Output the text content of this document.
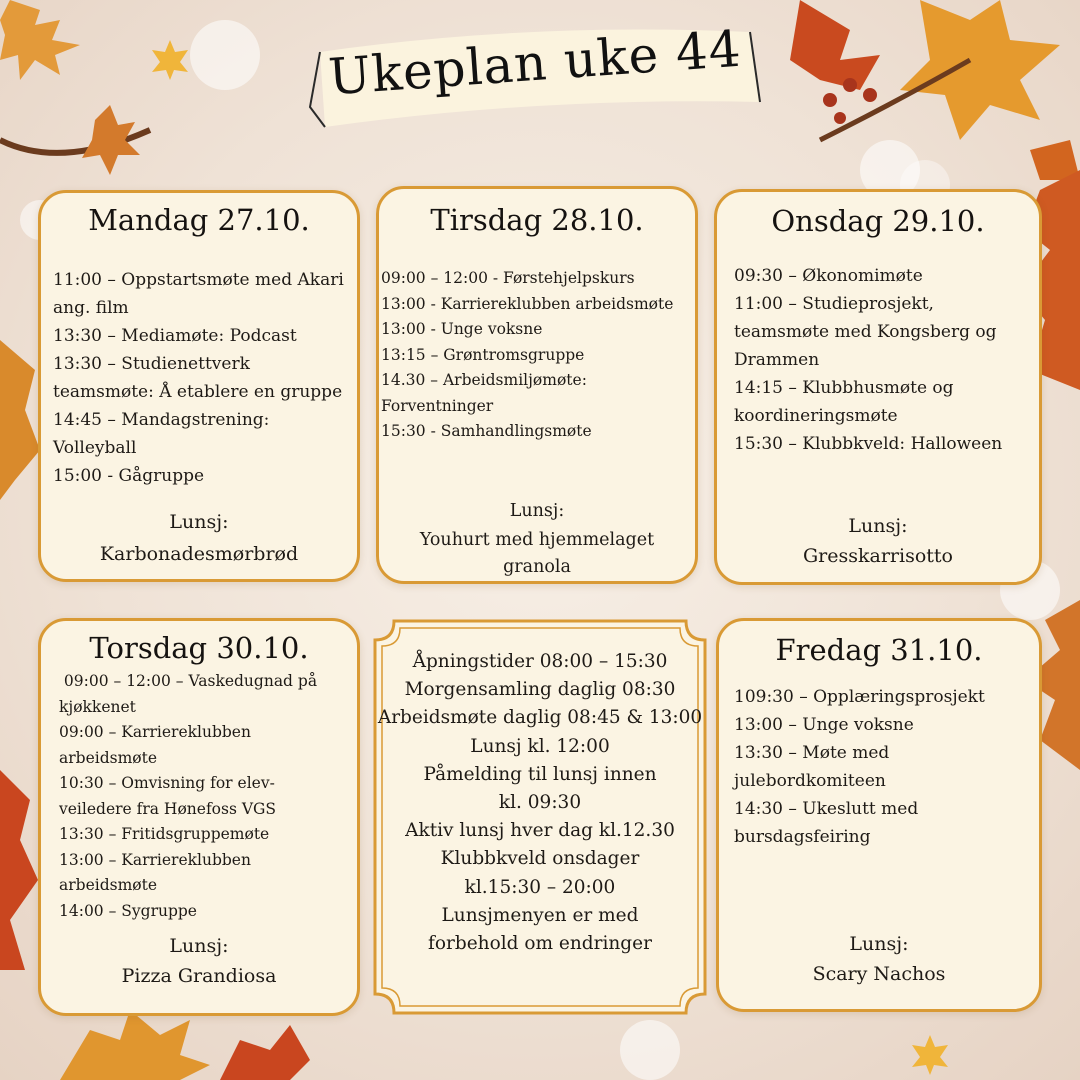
Ukeplan uke 44
Mandag 27.10.
11:00 – Oppstartsmøte med Akari
ang. film
13:30 – Mediamøte: Podcast
13:30 – Studienettverk
teamsmøte: Å etablere en gruppe
14:45 – Mandagstrening:
Volleyball
15:00 - Gågruppe
Lunsj:
Karbonadesmørbrød
Tirsdag 28.10.
09:00 – 12:00 - Førstehjelpskurs
13:00 - Karriereklubben arbeidsmøte
13:00 - Unge voksne
13:15 – Grøntromsgruppe
14.30 – Arbeidsmiljømøte:
Forventninger
15:30 - Samhandlingsmøte
Lunsj:
Youhurt med hjemmelaget
granola
Onsdag 29.10.
09:30 – Økonomimøte
11:00 – Studieprosjekt,
teamsmøte med Kongsberg og
Drammen
14:15 – Klubbhusmøte og
koordineringsmøte
15:30 – Klubbkveld: Halloween
Lunsj:
Gresskarrisotto
Torsdag 30.10.
09:00 – 12:00 – Vaskedugnad på
kjøkkenet
09:00 – Karriereklubben
arbeidsmøte
10:30 – Omvisning for elev-
veiledere fra Hønefoss VGS
13:30 – Fritidsgruppemøte
13:00 – Karriereklubben
arbeidsmøte
14:00 – Sygruppe
Lunsj:
Pizza Grandiosa
Åpningstider 08:00 – 15:30
Morgensamling daglig 08:30
Arbeidsmøte daglig 08:45 & 13:00
Lunsj kl. 12:00
Påmelding til lunsj innen
kl. 09:30
Aktiv lunsj hver dag kl.12.30
Klubbkveld onsdager
kl.15:30 – 20:00
Lunsjmenyen er med
forbehold om endringer
Fredag 31.10.
109:30 – Opplæringsprosjekt
13:00 – Unge voksne
13:30 – Møte med
julebordkomiteen
14:30 – Ukeslutt med
bursdagsfeiring
Lunsj:
Scary Nachos
